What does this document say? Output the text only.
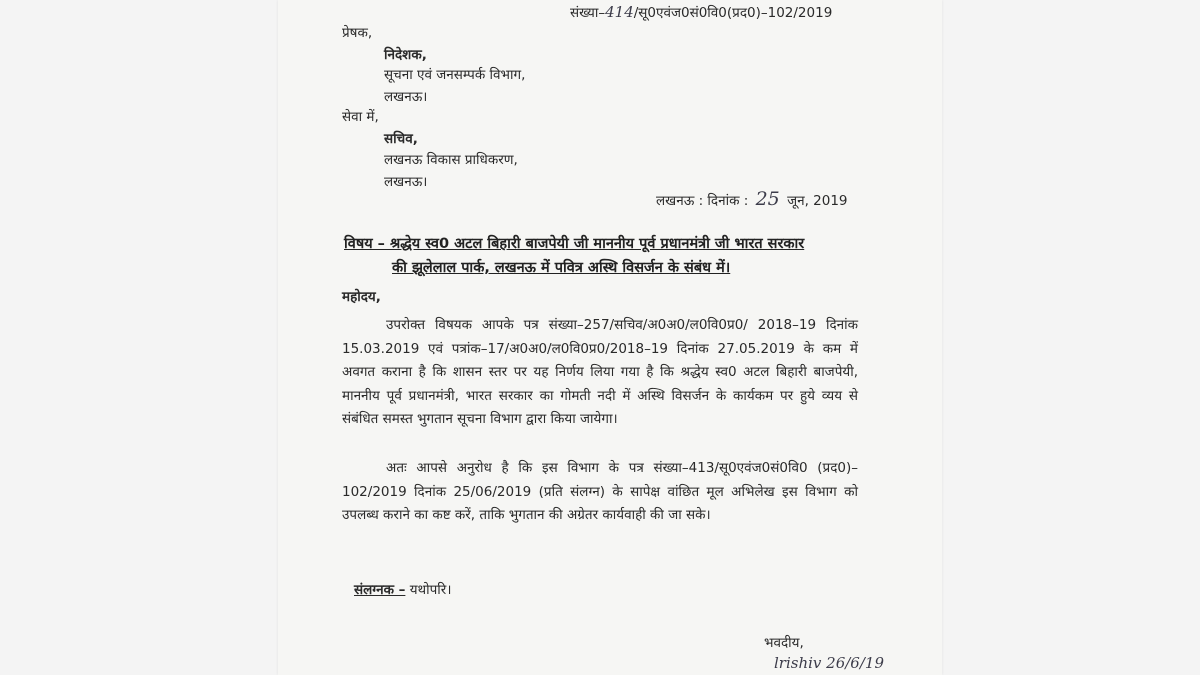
संख्या–414/सू0एवंज0सं0वि0(प्रद0)–102/2019
प्रेषक,
निदेशक,
सूचना एवं जनसम्पर्क विभाग,
लखनऊ।
सेवा में,
सचिव,
लखनऊ विकास प्राधिकरण,
लखनऊ।
लखनऊ : दिनांक : 25 जून, 2019
विषय – श्रद्धेय स्व0 अटल बिहारी बाजपेयी जी माननीय पूर्व प्रधानमंत्री जी भारत सरकार
की झूलेलाल पार्क, लखनऊ में पवित्र अस्थि विसर्जन के संबंध में।
महोदय,
उपरोक्त विषयक आपके पत्र संख्या–257/सचिव/अ0अ0/ल0वि0प्र0/ 2018–19 दिनांक 15.03.2019 एवं पत्रांक–17/अ0अ0/ल0वि0प्र0/2018–19 दिनांक 27.05.2019 के कम में अवगत कराना है कि शासन स्तर पर यह निर्णय लिया गया है कि श्रद्धेय स्व0 अटल बिहारी बाजपेयी, माननीय पूर्व प्रधानमंत्री, भारत सरकार का गोमती नदी में अस्थि विसर्जन के कार्यकम पर हुये व्यय से संबंधित समस्त भुगतान सूचना विभाग द्वारा किया जायेगा।
अतः आपसे अनुरोध है कि इस विभाग के पत्र संख्या–413/सू0एवंज0सं0वि0 (प्रद0)–102/2019 दिनांक 25/06/2019 (प्रति संलग्न) के सापेक्ष वांछित मूल अभिलेख इस विभाग को उपलब्ध कराने का कष्ट करें, ताकि भुगतान की अग्रेतर कार्यवाही की जा सके।
संलग्नक – यथोपरि।
भवदीय,
lrishiv 26/6/19
